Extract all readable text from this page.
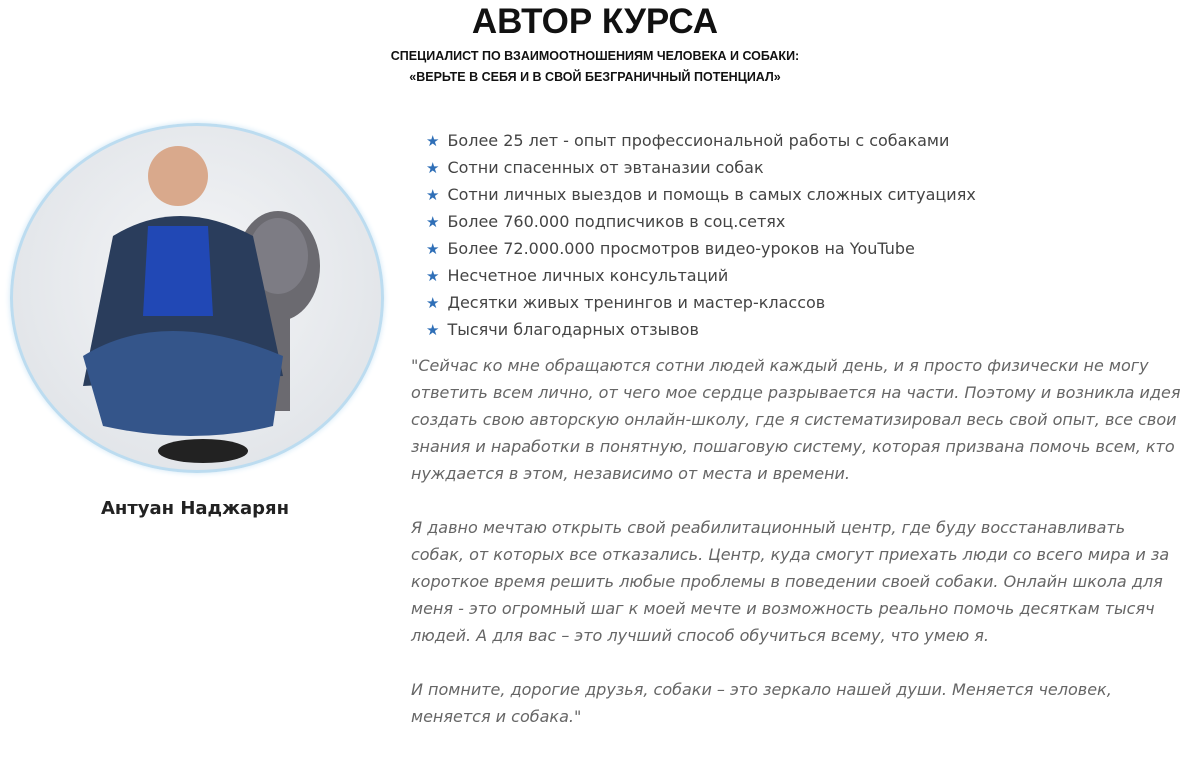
АВТОР КУРСА
СПЕЦИАЛИСТ ПО ВЗАИМООТНОШЕНИЯМ ЧЕЛОВЕКА И СОБАКИ:
«ВЕРЬТЕ В СЕБЯ И В СВОЙ БЕЗГРАНИЧНЫЙ ПОТЕНЦИАЛ»
Антуан Наджарян
★ Более 25 лет - опыт профессиональной работы с собаками
★ Сотни спасенных от эвтаназии собак
★ Сотни личных выездов и помощь в самых сложных ситуациях
★ Более 760.000 подписчиков в соц.сетях
★ Более 72.000.000 просмотров видео-уроков на YouTube
★ Несчетное личных консультаций
★ Десятки живых тренингов и мастер-классов
★ Тысячи благодарных отзывов

"Сейчас ко мне обращаются сотни людей каждый день, и я просто физически не могу ответить всем лично, от чего мое сердце разрывается на части. Поэтому и возникла идея создать свою авторскую онлайн-школу, где я систематизировал весь свой опыт, все свои знания и наработки в понятную, пошаговую систему, которая призвана помочь всем, кто нуждается в этом, независимо от места и времени.

Я давно мечтаю открыть свой реабилитационный центр, где буду восстанавливать собак, от которых все отказались. Центр, куда смогут приехать люди со всего мира и за короткое время решить любые проблемы в поведении своей собаки. Онлайн школа для меня - это огромный шаг к моей мечте и возможность реально помочь десяткам тысяч людей. А для вас – это лучший способ обучиться всему, что умею я.

И помните, дорогие друзья, собаки – это зеркало нашей души. Меняется человек, меняется и собака."
